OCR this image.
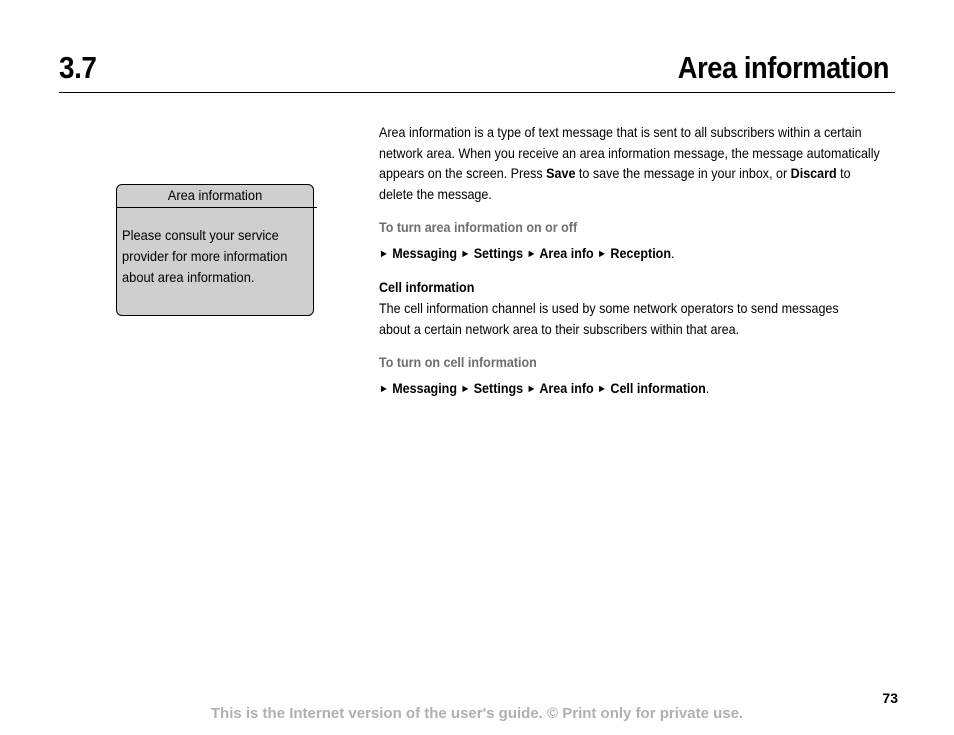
3.7	Area information
Area information
Please consult your service
provider for more information
about area information.
Area information is a type of text message that is sent to all subscribers within a certain
network area. When you receive an area information message, the message automatically
appears on the screen. Press Save to save the message in your inbox, or Discard to
delete the message.
To turn area information on or off
► Messaging ► Settings ► Area info ► Reception.
Cell information
The cell information channel is used by some network operators to send messages
about a certain network area to their subscribers within that area.
To turn on cell information
► Messaging ► Settings ► Area info ► Cell information.
73
This is the Internet version of the user's guide. © Print only for private use.
